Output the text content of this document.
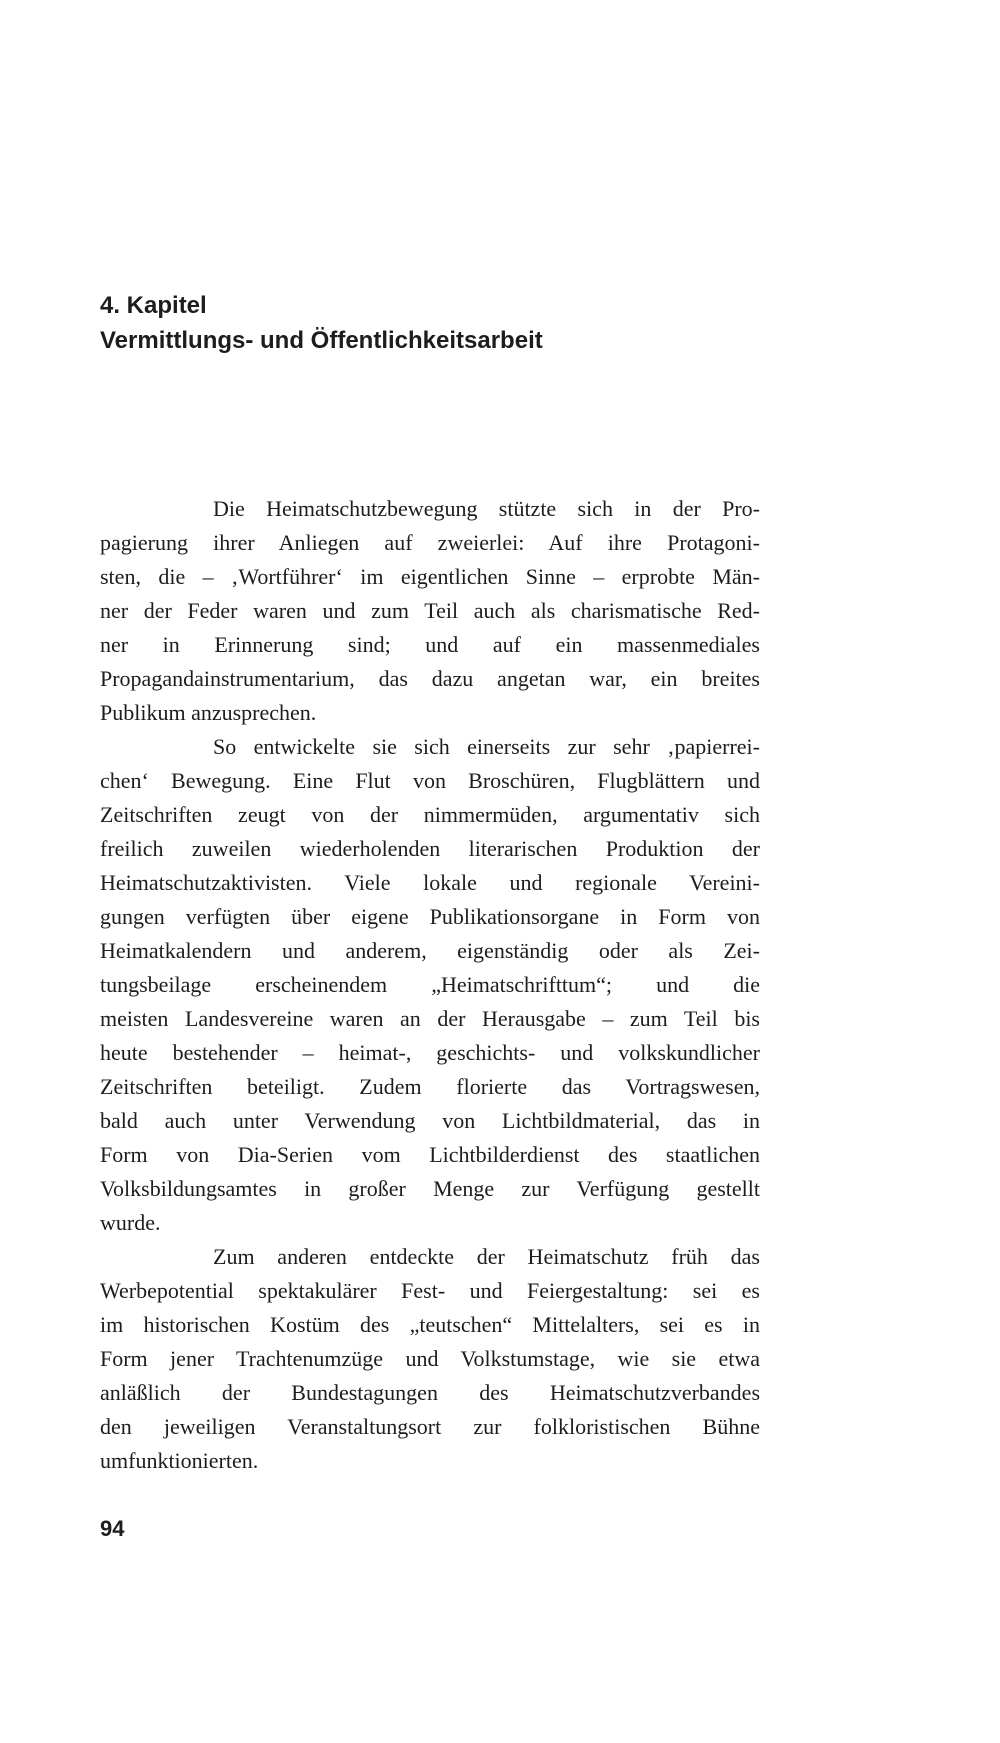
4. Kapitel
Vermittlungs- und Öffentlichkeitsarbeit
Die Heimatschutzbewegung stützte sich in der Pro-
pagierung ihrer Anliegen auf zweierlei: Auf ihre Protagoni-
sten, die – ‚Wortführer‘ im eigentlichen Sinne – erprobte Män-
ner der Feder waren und zum Teil auch als charismatische Red-
ner in Erinnerung sind; und auf ein massenmediales
Propagandainstrumentarium, das dazu angetan war, ein breites
Publikum anzusprechen.
So entwickelte sie sich einerseits zur sehr ‚papierrei-
chen‘ Bewegung. Eine Flut von Broschüren, Flugblättern und
Zeitschriften zeugt von der nimmermüden, argumentativ sich
freilich zuweilen wiederholenden literarischen Produktion der
Heimatschutzaktivisten. Viele lokale und regionale Vereini-
gungen verfügten über eigene Publikationsorgane in Form von
Heimatkalendern und anderem, eigenständig oder als Zei-
tungsbeilage erscheinendem „Heimatschrifttum“; und die
meisten Landesvereine waren an der Herausgabe – zum Teil bis
heute bestehender – heimat-, geschichts- und volkskundlicher
Zeitschriften beteiligt. Zudem florierte das Vortragswesen,
bald auch unter Verwendung von Lichtbildmaterial, das in
Form von Dia-Serien vom Lichtbilderdienst des staatlichen
Volksbildungsamtes in großer Menge zur Verfügung gestellt
wurde.
Zum anderen entdeckte der Heimatschutz früh das
Werbepotential spektakulärer Fest- und Feiergestaltung: sei es
im historischen Kostüm des „teutschen“ Mittelalters, sei es in
Form jener Trachtenumzüge und Volkstumstage, wie sie etwa
anläßlich der Bundestagungen des Heimatschutzverbandes
den jeweiligen Veranstaltungsort zur folkloristischen Bühne
umfunktionierten.
94
